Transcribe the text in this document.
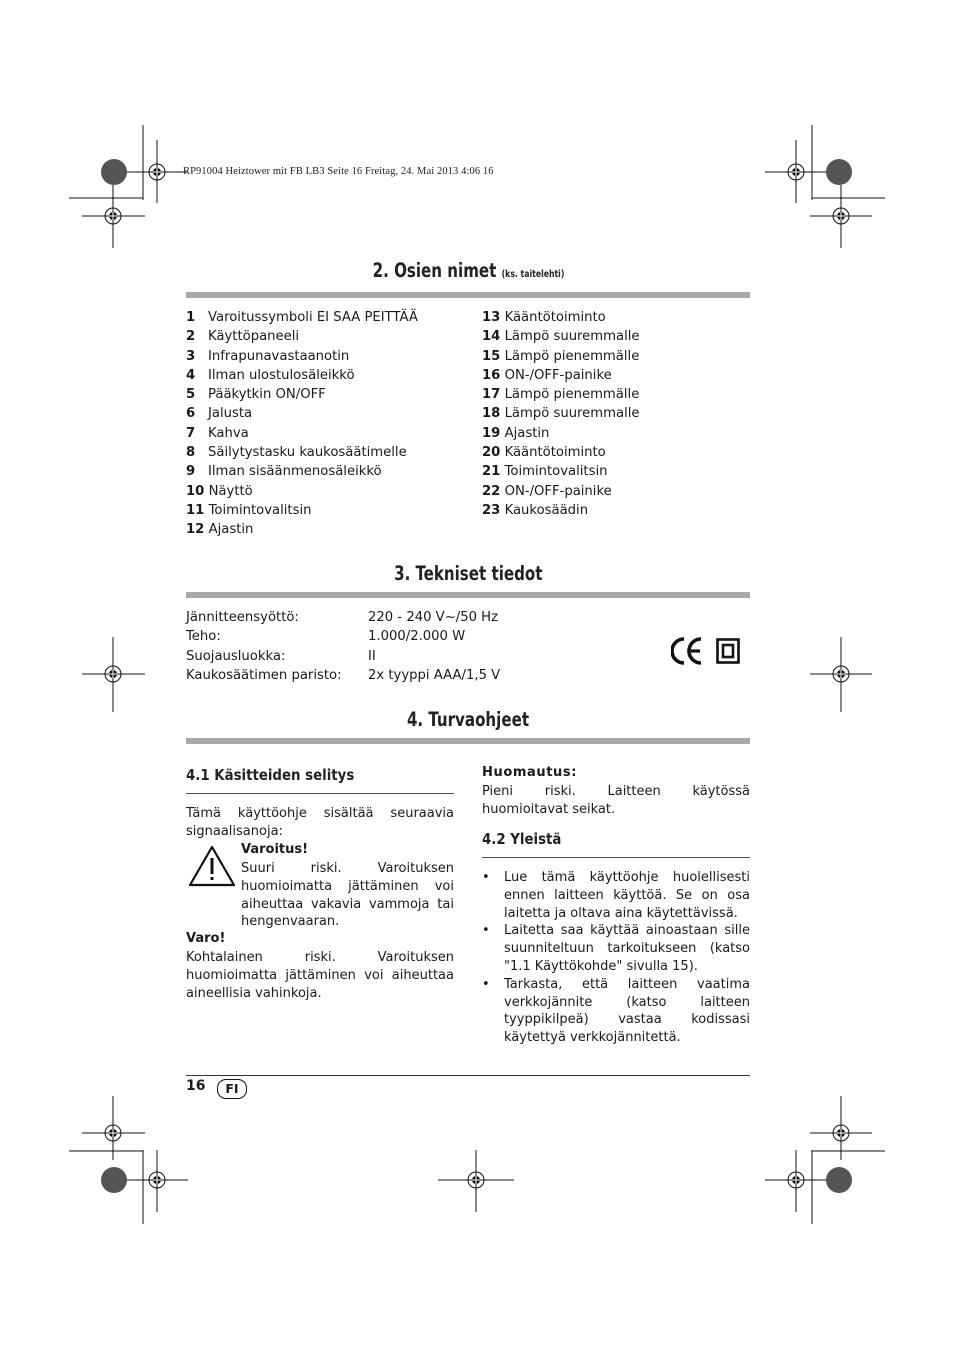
RP91004 Heiztower mit FB LB3 Seite 16 Freitag, 24. Mai 2013 4:06 16
2. Osien nimet (ks. taitelehti)
1 Varoitussymboli EI SAA PEITTÄÄ
2 Käyttöpaneeli
3 Infrapunavastaanotin
4 Ilman ulostulosäleikkö
5 Pääkytkin ON/OFF
6 Jalusta
7 Kahva
8 Säilytystasku kaukosäätimelle
9 Ilman sisäänmenosäleikkö
10 Näyttö
11 Toimintovalitsin
12 Ajastin
13 Kääntötoiminto
14 Lämpö suuremmalle
15 Lämpö pienemmälle
16 ON-/OFF-painike
17 Lämpö pienemmälle
18 Lämpö suuremmalle
19 Ajastin
20 Kääntötoiminto
21 Toimintovalitsin
22 ON-/OFF-painike
23 Kaukosäädin
3. Tekniset tiedot
Jännitteensyöttö:	220 - 240 V~/50 Hz
Teho:	1.000/2.000 W
Suojausluokka:	II
Kaukosäätimen paristo: 2x tyyppi AAA/1,5 V
4. Turvaohjeet
4.1 Käsitteiden selitys
Tämä käyttöohje sisältää seuraavia signaalisanoja:
Varoitus!
Suuri riski. Varoituksen huomioimatta jättäminen voi aiheuttaa vakavia vammoja tai hengenvaaran.
Varo!
Kohtalainen riski. Varoituksen huomioimatta jättäminen voi aiheuttaa aineellisia vahinkoja.
Huomautus:
Pieni riski. Laitteen käytössä huomioitavat seikat.
4.2 Yleistä
•	Lue tämä käyttöohje huolellisesti ennen laitteen käyttöä. Se on osa laitetta ja oltava aina käytettävissä.
•	Laitetta saa käyttää ainoastaan sille suunniteltuun tarkoitukseen (katso "1.1 Käyttökohde" sivulla 15).
•	Tarkasta, että laitteen vaatima verkkojännite (katso laitteen tyyppikilpeä) vastaa kodissasi käytettyä verkkojännitettä.
16	FI
